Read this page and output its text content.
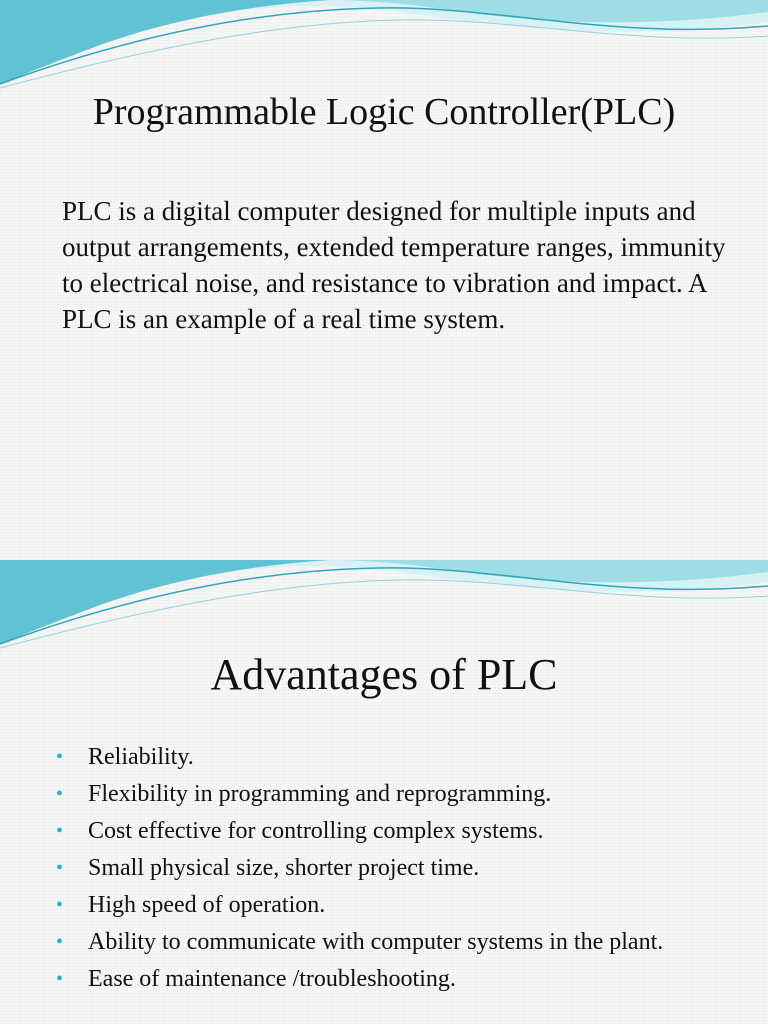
Programmable Logic Controller(PLC)

PLC is a digital computer designed for multiple inputs and output arrangements, extended temperature ranges, immunity to electrical noise, and resistance to vibration and impact. A PLC is an example of a real time system.

Advantages of PLC
• Reliability.
• Flexibility in programming and reprogramming.
• Cost effective for controlling complex systems.
• Small physical size, shorter project time.
• High speed of operation.
• Ability to communicate with computer systems in the plant.
• Ease of maintenance /troubleshooting.
